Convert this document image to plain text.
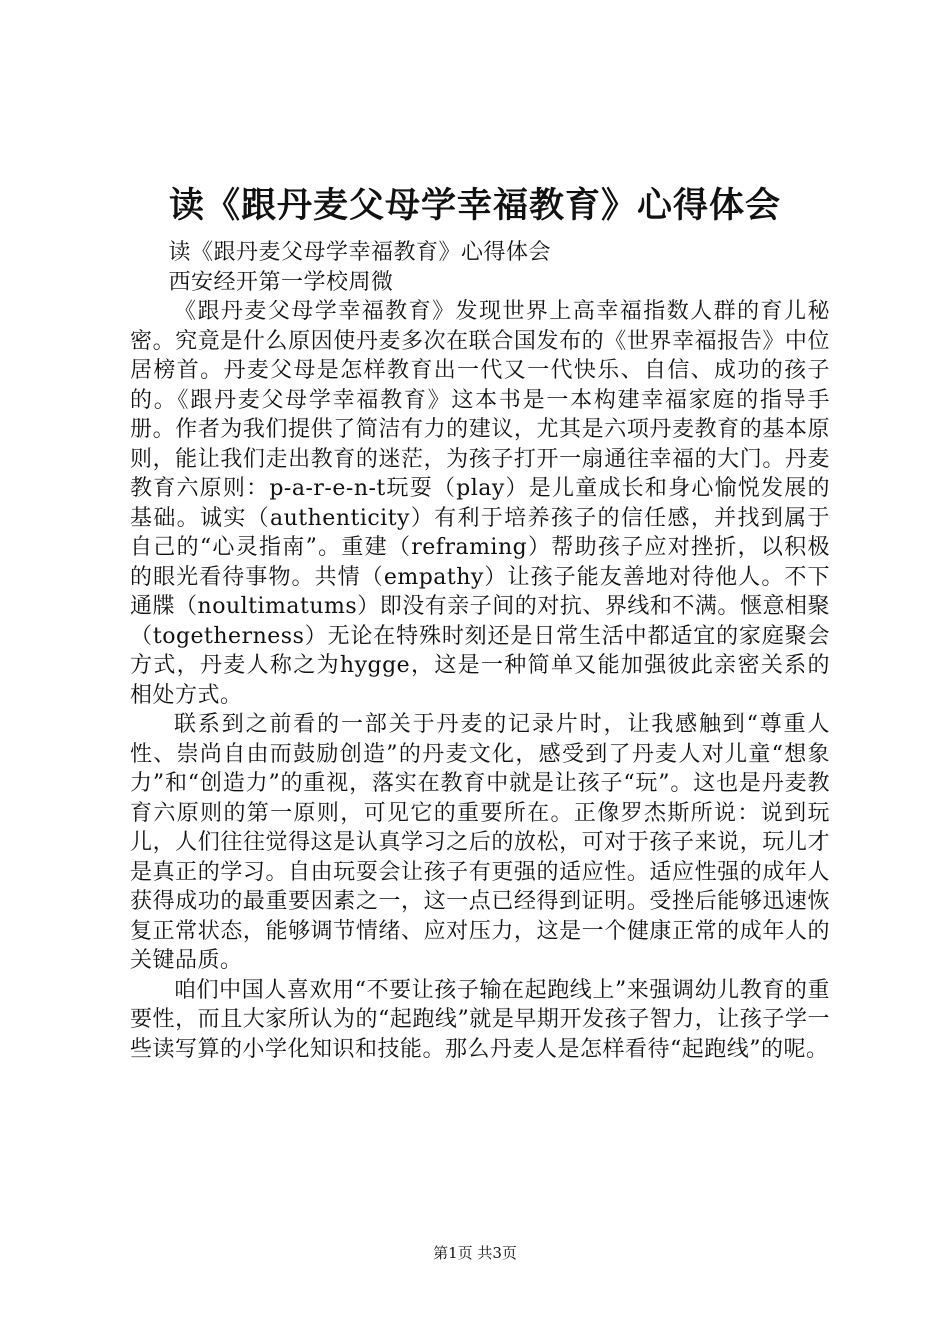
读《跟丹麦父母学幸福教育》心得体会

读《跟丹麦父母学幸福教育》心得体会

西安经开第一学校周微

《跟丹麦父母学幸福教育》发现世界上高幸福指数人群的育儿秘密。究竟是什么原因使丹麦多次在联合国发布的《世界幸福报告》中位居榜首。丹麦父母是怎样教育出一代又一代快乐、自信、成功的孩子的。《跟丹麦父母学幸福教育》这本书是一本构建幸福家庭的指导手册。作者为我们提供了简洁有力的建议，尤其是六项丹麦教育的基本原则，能让我们走出教育的迷茫，为孩子打开一扇通往幸福的大门。丹麦教育六原则：p-a-r-e-n-t玩耍（play）是儿童成长和身心愉悦发展的基础。诚实（authenticity）有利于培养孩子的信任感，并找到属于自己的“心灵指南”。重建（reframing）帮助孩子应对挫折，以积极的眼光看待事物。共情（empathy）让孩子能友善地对待他人。不下通牒（noultimatums）即没有亲子间的对抗、界线和不满。惬意相聚（togetherness）无论在特殊时刻还是日常生活中都适宜的家庭聚会方式，丹麦人称之为hygge，这是一种简单又能加强彼此亲密关系的相处方式。

联系到之前看的一部关于丹麦的记录片时，让我感触到“尊重人性、崇尚自由而鼓励创造”的丹麦文化，感受到了丹麦人对儿童“想象力”和“创造力”的重视，落实在教育中就是让孩子“玩”。这也是丹麦教育六原则的第一原则，可见它的重要所在。正像罗杰斯所说：说到玩儿，人们往往觉得这是认真学习之后的放松，可对于孩子来说，玩儿才是真正的学习。自由玩耍会让孩子有更强的适应性。适应性强的成年人获得成功的最重要因素之一，这一点已经得到证明。受挫后能够迅速恢复正常状态，能够调节情绪、应对压力，这是一个健康正常的成年人的关键品质。

咱们中国人喜欢用“不要让孩子输在起跑线上”来强调幼儿教育的重要性，而且大家所认为的“起跑线”就是早期开发孩子智力，让孩子学一些读写算的小学化知识和技能。那么丹麦人是怎样看待“起跑线”的呢。

第1页 共3页
